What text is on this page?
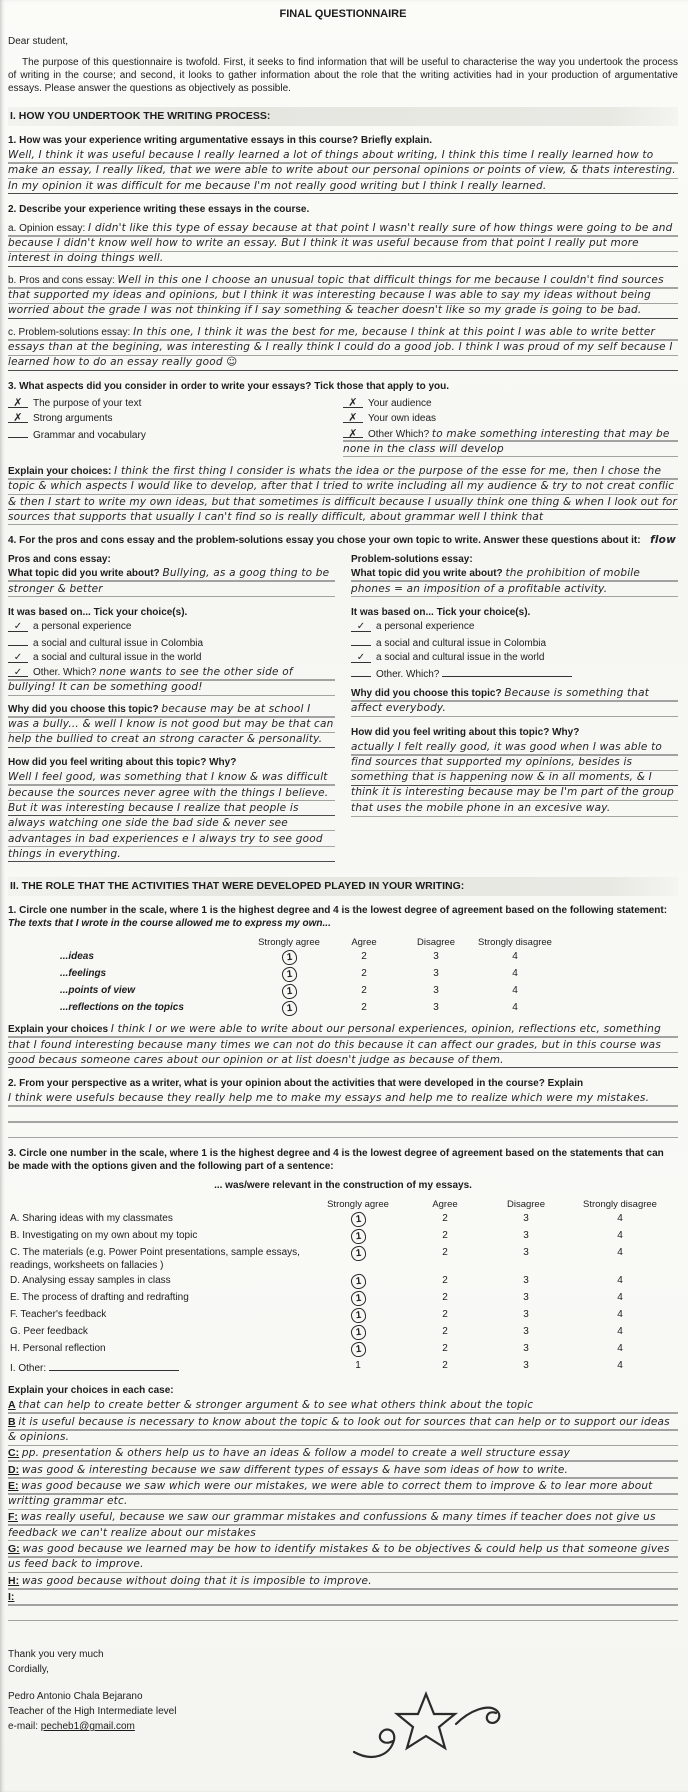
FINAL QUESTIONNAIRE

Dear student,

The purpose of this questionnaire is twofold. First, it seeks to find information that will be useful to characterise the way you undertook the process of writing in the course; and second, it looks to gather information about the role that the writing activities had in your production of argumentative essays. Please answer the questions as objectively as possible.

I. HOW YOU UNDERTOOK THE WRITING PROCESS:
1. How was your experience writing argumentative essays in this course? Briefly explain.
Well, I think it was useful because I really learned a lot of things about writing, I think this time I really learned how to make an essay, I really liked, that we were able to write about our personal opinions or points of view, & thats interesting. In my opinion it was difficult for me because I'm not really good writing but I think I really learned.
2. Describe your experience writing these essays in the course.
a. Opinion essay: I didn't like this type of essay because at that point I wasn't really sure of how things were going to be and because I didn't know well how to write an essay. But I think it was useful because from that point I really put more interest in doing things well.
b. Pros and cons essay: Well in this one I choose an unusual topic that difficult things for me because I couldn't find sources that supported my ideas and opinions, but I think it was interesting because I was able to say my ideas without being worried about the grade I was not thinking if I say something & teacher doesn't like so my grade is going to be bad.
c. Problem-solutions essay: In this one, I think it was the best for me, because I think at this point I was able to write better essays than at the begining, was interesting & I really think I could do a good job. I think I was proud of my self because I learned how to do an essay really good ☺
3. What aspects did you consider in order to write your essays? Tick those that apply to you.
✗ The purpose of your text
✗ Strong arguments
Grammar and vocabulary
✗ Your audience
✗ Your own ideas
✗ Other Which? to make something interesting that may be none in the class will develop
Explain your choices: I think the first thing I consider is whats the idea or the purpose of the esse for me, then I chose the topic & which aspects I would like to develop, after that I tried to write including all my audience & try to not creat conflic & then I start to write my own ideas, but that sometimes is difficult because I usually think one thing & when I look out for sources that supports that usually I can't find so is really difficult, about grammar well I think that
flow
4. For the pros and cons essay and the problem-solutions essay you chose your own topic to write. Answer these questions about it:
Pros and cons essay:
What topic did you write about? Bullying, as a goog thing to be stronger & better
It was based on... Tick your choice(s).
✓ a personal experience
a social and cultural issue in Colombia
✓ a social and cultural issue in the world
✓ Other. Which? none wants to see the other side of bullying! It can be something good!
Why did you choose this topic? because may be at school I was a bully... & well I know is not good but may be that can help the bullied to creat an strong caracter & personality.
How did you feel writing about this topic? Why?
Well I feel good, was something that I know & was difficult because the sources never agree with the things I believe. But it was interesting because I realize that people is always watching one side the bad side & never see advantages in bad experiences e I always try to see good things in everything.
Problem-solutions essay:
What topic did you write about? the prohibition of mobile phones = an imposition of a profitable activity.
It was based on... Tick your choice(s).
✓ a personal experience
a social and cultural issue in Colombia
✓ a social and cultural issue in the world
Other. Which?
Why did you choose this topic? Because is something that affect everybody.
How did you feel writing about this topic? Why?
actually I felt really good, it was good when I was able to find sources that supported my opinions, besides is something that is happening now & in all moments, & I think it is interesting because may be I'm part of the group that uses the mobile phone in an excesive way.
II. THE ROLE THAT THE ACTIVITIES THAT WERE DEVELOPED PLAYED IN YOUR WRITING:
1. Circle one number in the scale, where 1 is the highest degree and 4 is the lowest degree of agreement based on the following statement: The texts that I wrote in the course allowed me to express my own...
Strongly agree	Agree	Disagree	Strongly disagree
...ideas	1	2	3	4
...feelings	1	2	3	4
...points of view	1	2	3	4
...reflections on the topics	1	2	3	4
Explain your choices I think I or we were able to write about our personal experiences, opinion, reflections etc, something that I found interesting because many times we can not do this because it can affect our grades, but in this course was good becaus someone cares about our opinion or at list doesn't judge as because of them.
2. From your perspective as a writer, what is your opinion about the activities that were developed in the course? Explain
I think were usefuls because they really help me to make my essays and help me to realize which were my mistakes.
3. Circle one number in the scale, where 1 is the highest degree and 4 is the lowest degree of agreement based on the statements that can be made with the options given and the following part of a sentence:
... was/were relevant in the construction of my essays.
Strongly agree	Agree	Disagree	Strongly disagree
A. Sharing ideas with my classmates	1	2	3	4
B. Investigating on my own about my topic	1	2	3	4
C. The materials (e.g. Power Point presentations, sample essays, readings, worksheets on fallacies )
1	2	3	4
D. Analysing essay samples in class	1	2	3	4
E. The process of drafting and redrafting	1	2	3	4
F. Teacher's feedback	1	2	3	4
G. Peer feedback	1	2	3	4
H. Personal reflection	1	2	3	4
I. Other:	1	2	3	4
Explain your choices in each case:
A that can help to create better & stronger argument & to see what others think about the topic
B it is useful because is necessary to know about the topic & to look out for sources that can help or to support our ideas & opinions.
C: pp. presentation & others help us to have an ideas & follow a model to create a well structure essay
D: was good & interesting because we saw different types of essays & have som ideas of how to write.
E: was good because we saw which were our mistakes, we were able to correct them to improve & to lear more about writting grammar etc.
F: was really useful, because we saw our grammar mistakes and confussions & many times if teacher does not give us feedback we can't realize about our mistakes
G: was good because we learned may be how to identify mistakes & to be objectives & could help us that someone gives us feed back to improve.
H: was good because without doing that it is imposible to improve.
I:

Thank you very much

Cordially,

Pedro Antonio Chala Bejarano

Teacher of the High Intermediate level

e-mail: pecheb1@gmail.com
